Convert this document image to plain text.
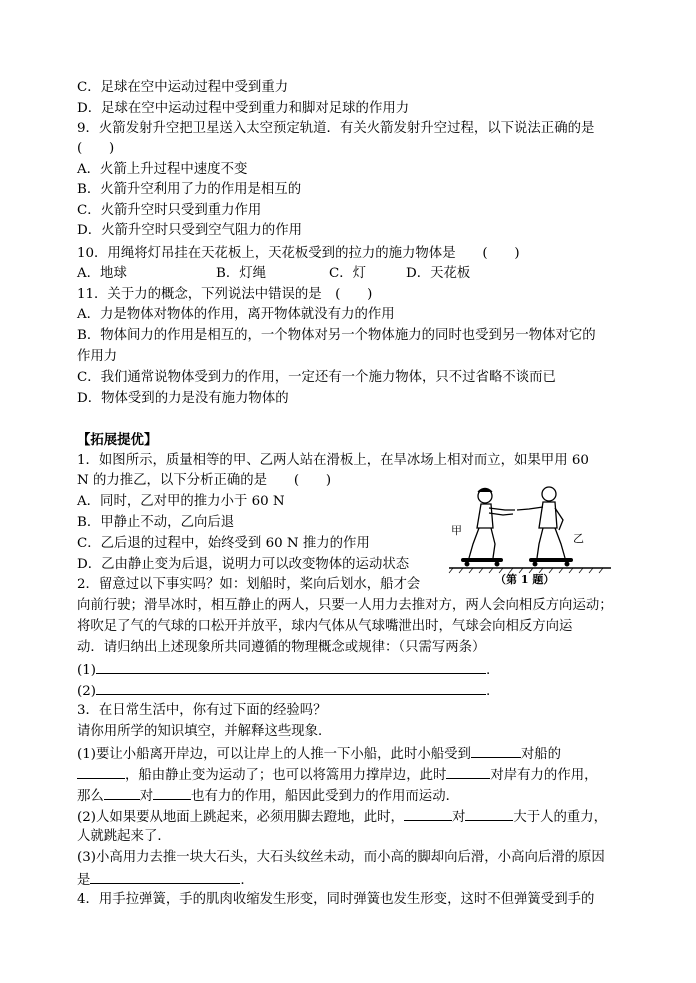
C．足球在空中运动过程中受到重力
D．足球在空中运动过程中受到重力和脚对足球的作用力
9．火箭发射升空把卫星送入太空预定轨道．有关火箭发射升空过程，以下说法正确的是
(　　)
A．火箭上升过程中速度不变
B．火箭升空利用了力的作用是相互的
C．火箭升空时只受到重力作用
D．火箭升空时只受到空气阻力的作用
10．用绳将灯吊挂在天花板上，天花板受到的拉力的施力物体是　　(　　)
A．地球	B．灯绳	C．灯	D．天花板
11．关于力的概念，下列说法中错误的是　(　　)
A．力是物体对物体的作用，离开物体就没有力的作用
B．物体间力的作用是相互的，一个物体对另一个物体施力的同时也受到另一物体对它的
作用力
C．我们通常说物体受到力的作用，一定还有一个施力物体，只不过省略不谈而已
D．物体受到的力是没有施力物体的
【拓展提优】
1．如图所示，质量相等的甲、乙两人站在滑板上，在旱冰场上相对而立，如果甲用 60
N 的力推乙，以下分析正确的是　　(　　)
A．同时，乙对甲的推力小于 60 N
B．甲静止不动，乙向后退
C．乙后退的过程中，始终受到 60 N 推力的作用
D．乙由静止变为后退，说明力可以改变物体的运动状态
甲
乙
（第 1 题）
2．留意过以下事实吗？如：划船时，桨向后划水，船才会
向前行驶；滑旱冰时，相互静止的两人，只要一人用力去推对方，两人会向相反方向运动；
将吹足了气的气球的口松开并放平，球内气体从气球嘴泄出时，气球会向相反方向运
动．请归纳出上述现象所共同遵循的物理概念或规律：（只需写两条）
(1)	.
(2)	.
3．在日常生活中，你有过下面的经验吗？
请你用所学的知识填空，并解释这些现象．
(1)要让小船离开岸边，可以让岸上的人推一下小船，此时小船受到	对船的
，船由静止变为运动了；也可以将篙用力撑岸边，此时	对岸有力的作用，
那么	对	也有力的作用，船因此受到力的作用而运动．
(2)人如果要从地面上跳起来，必须用脚去蹬地，此时，	对	大于人的重力，
人就跳起来了．
(3)小高用力去推一块大石头，大石头纹丝未动，而小高的脚却向后滑，小高向后滑的原因
是	.
4．用手拉弹簧，手的肌肉收缩发生形变，同时弹簧也发生形变，这时不但弹簧受到手的
